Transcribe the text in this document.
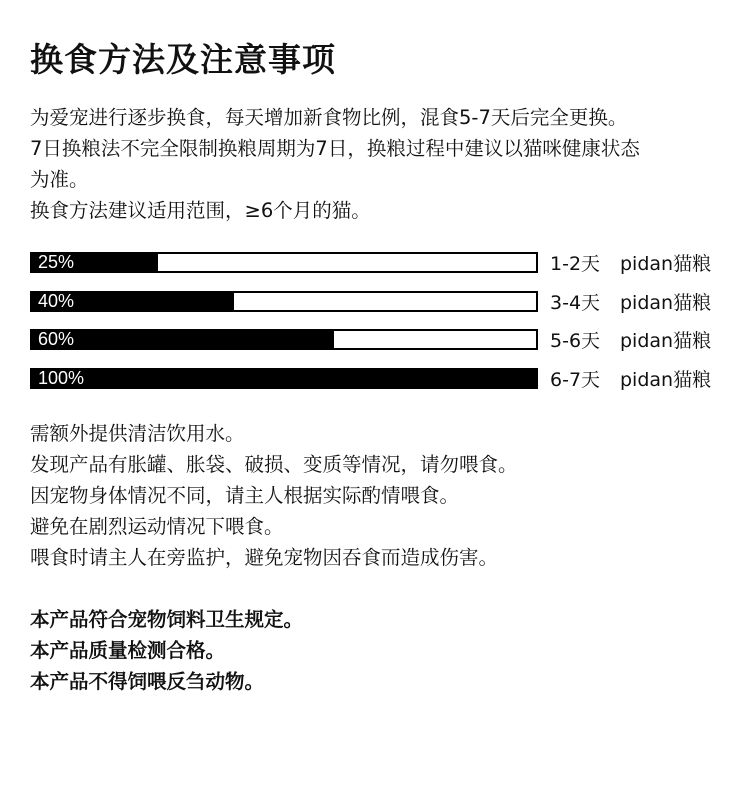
换食方法及注意事项

为爱宠进行逐步换食，每天增加新食物比例，混食5-7天后完全更换。

7日换粮法不完全限制换粮周期为7日，换粮过程中建议以猫咪健康状态

为准。

换食方法建议适用范围，≥6个月的猫。

25%	1-2天	pidan猫粮
40%	3-4天	pidan猫粮
60%	5-6天	pidan猫粮
100%	6-7天	pidan猫粮

需额外提供清洁饮用水。

发现产品有胀罐、胀袋、破损、变质等情况，请勿喂食。

因宠物身体情况不同，请主人根据实际酌情喂食。

避免在剧烈运动情况下喂食。

喂食时请主人在旁监护，避免宠物因吞食而造成伤害。

本产品符合宠物饲料卫生规定。

本产品质量检测合格。

本产品不得饲喂反刍动物。
